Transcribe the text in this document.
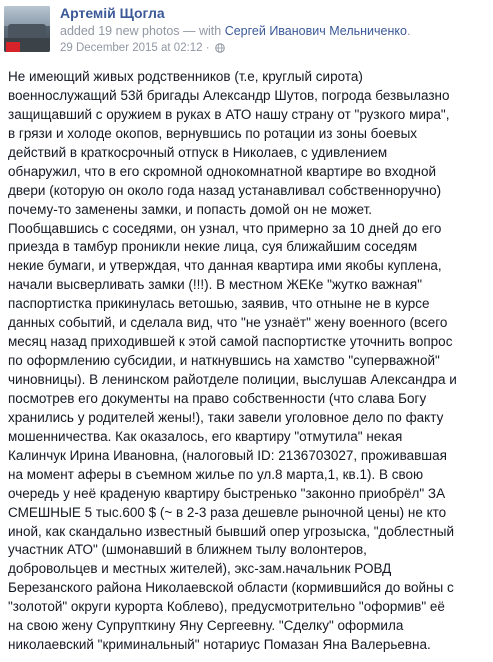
Артемій Щогла
added 19 new photos — with Сергей Иванович Мельниченко.
29 December 2015 at 02:12 ·
Не имеющий живых родственников (т.е, круглый сирота)
военнослужащий 53й бригады Александр Шутов, погрода безвылазно
защищавший с оружием в руках в АТО нашу страну от "рузкого мира",
в грязи и холоде окопов, вернувшись по ротации из зоны боевых
действий в краткосрочный отпуск в Николаев, с удивлением
обнаружил, что в его скромной однокомнатной квартире во входной
двери (которую он около года назад устанавливал собственноручно)
почему-то заменены замки, и попасть домой он не может.
Пообщавшись с соседями, он узнал, что примерно за 10 дней до его
приезда в тамбур проникли некие лица, суя ближайшим соседям
некие бумаги, и утверждая, что данная квартира ими якобы куплена,
начали высверливать замки (!!!). В местном ЖЕКе "жутко важная"
паспортистка прикинулась ветошью, заявив, что отныне не в курсе
данных событий, и сделала вид, что "не узнаёт" жену военного (всего
месяц назад приходившей к этой самой паспортистке уточнить вопрос
по оформлению субсидии, и наткнувшись на хамство "суперважной"
чиновницы). В ленинском райотделе полиции, выслушав Александра и
посмотрев его документы на право собственности (что слава Богу
хранились у родителей жены!), таки завели уголовное дело по факту
мошенничества. Как оказалось, его квартиру "отмутила" некая
Калинчук Ирина Ивановна, (налоговый ID: 2136703027, проживавшая
на момент аферы в съемном жилье по ул.8 марта,1, кв.1). В свою
очередь у неё краденую квартиру быстренько "законно приобрёл" ЗА
СМЕШНЫЕ 5 тыс.600 $ (~ в 2-3 раза дешевле рыночной цены) не кто
иной, как скандально известный бывший опер угрозыска, "доблестный
участник АТО" (шмонавший в ближнем тылу волонтеров,
добровольцев и местных жителей), экс-зам.начальник РОВД
Березанского района Николаевской области (кормившийся до войны с
"золотой" округи курорта Коблево), предусмотрительно "оформив" её
на свою жену Супрупткину Яну Сергеевну. "Сделку" оформила
николаевский "криминальный" нотариус Помазан Яна Валерьевна.
